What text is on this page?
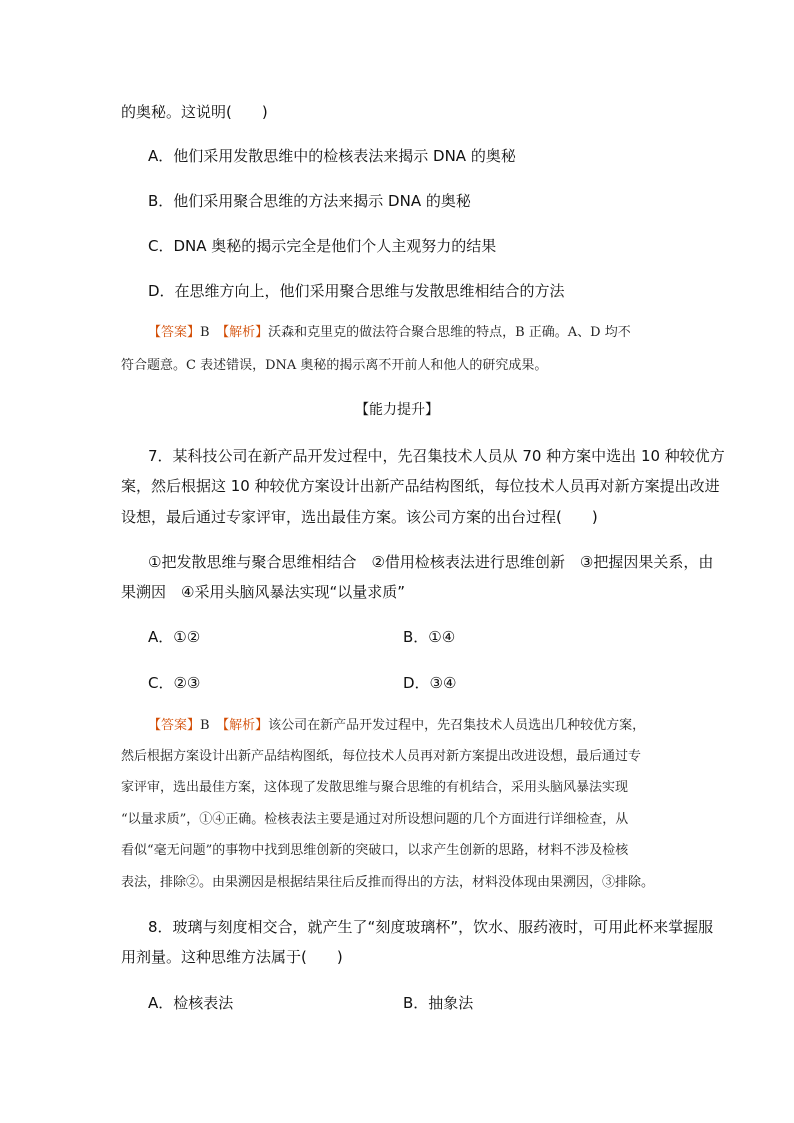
的奥秘。这说明(　　)
A．他们采用发散思维中的检核表法来揭示 DNA 的奥秘
B．他们采用聚合思维的方法来揭示 DNA 的奥秘
C．DNA 奥秘的揭示完全是他们个人主观努力的结果
D．在思维方向上，他们采用聚合思维与发散思维相结合的方法
【答案】B　【解析】沃森和克里克的做法符合聚合思维的特点，B 正确。A、D 均不
符合题意。C 表述错误，DNA 奥秘的揭示离不开前人和他人的研究成果。
【能力提升】
7．某科技公司在新产品开发过程中，先召集技术人员从 70 种方案中选出 10 种较优方
案，然后根据这 10 种较优方案设计出新产品结构图纸，每位技术人员再对新方案提出改进
设想，最后通过专家评审，选出最佳方案。该公司方案的出台过程(　　)
①把发散思维与聚合思维相结合　②借用检核表法进行思维创新　③把握因果关系，由
果溯因　④采用头脑风暴法实现“以量求质”
A．①②	B．①④
C．②③	D．③④
【答案】B　【解析】该公司在新产品开发过程中，先召集技术人员选出几种较优方案，
然后根据方案设计出新产品结构图纸，每位技术人员再对新方案提出改进设想，最后通过专
家评审，选出最佳方案，这体现了发散思维与聚合思维的有机结合，采用头脑风暴法实现
“以量求质”，①④正确。检核表法主要是通过对所设想问题的几个方面进行详细检查，从
看似“毫无问题”的事物中找到思维创新的突破口，以求产生创新的思路，材料不涉及检核
表法，排除②。由果溯因是根据结果往后反推而得出的方法，材料没体现由果溯因，③排除。
8．玻璃与刻度相交合，就产生了“刻度玻璃杯”，饮水、服药液时，可用此杯来掌握服
用剂量。这种思维方法属于(　　)
A．检核表法	B．抽象法
